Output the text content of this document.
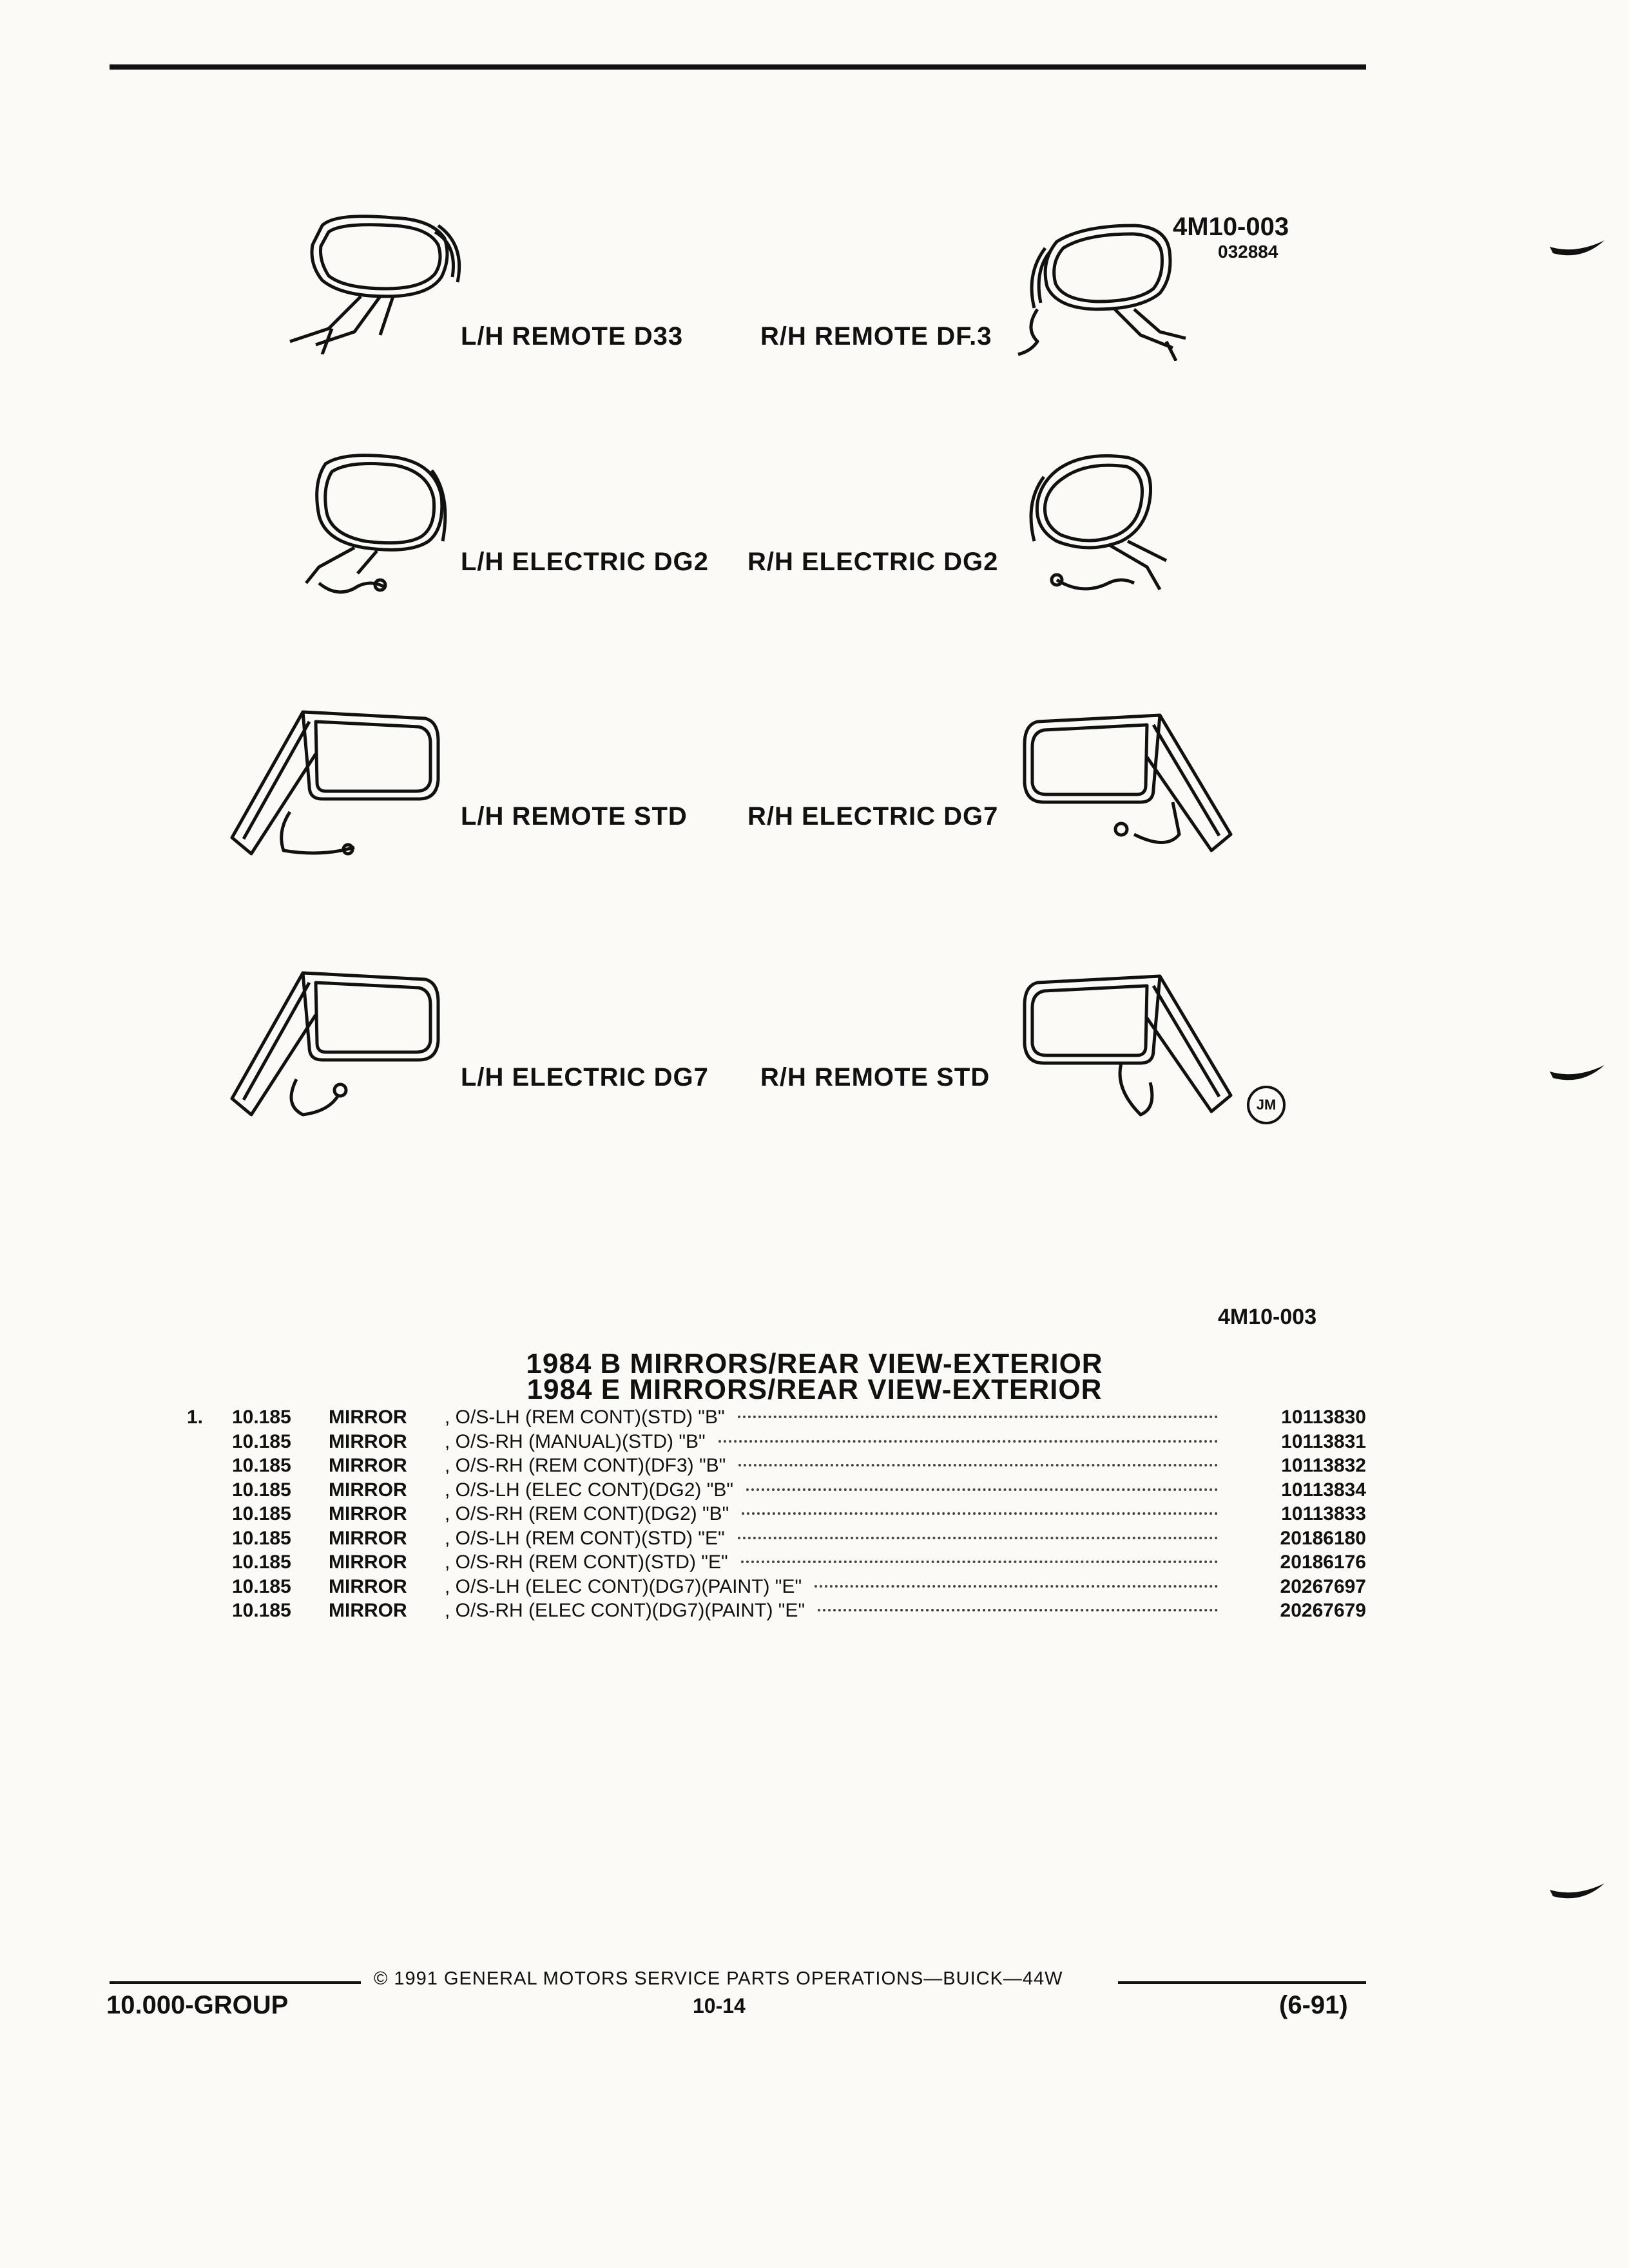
4M10-003
032884
L/H REMOTE D33	R/H REMOTE DF.3
L/H ELECTRIC DG2 R/H ELECTRIC DG2
L/H REMOTE STD R/H ELECTRIC DG7
L/H ELECTRIC DG7 R/H REMOTE STD
JM
4M10-003
1984 B MIRRORS/REAR VIEW-EXTERIOR
1984 E MIRRORS/REAR VIEW-EXTERIOR
1. 10.185 MIRROR , O/S-LH (REM CONT)(STD) "B"	10113830
10.185 MIRROR , O/S-RH (MANUAL)(STD) "B"	10113831
10.185 MIRROR , O/S-RH (REM CONT)(DF3) "B"	10113832
10.185 MIRROR , O/S-LH (ELEC CONT)(DG2) "B"	10113834
10.185 MIRROR , O/S-RH (REM CONT)(DG2) "B"	10113833
10.185 MIRROR , O/S-LH (REM CONT)(STD) "E"	20186180
10.185 MIRROR , O/S-RH (REM CONT)(STD) "E"	20186176
10.185 MIRROR , O/S-LH (ELEC CONT)(DG7)(PAINT) "E"	20267697
10.185 MIRROR , O/S-RH (ELEC CONT)(DG7)(PAINT) "E"	20267679
© 1991 GENERAL MOTORS SERVICE PARTS OPERATIONS—BUICK—44W
10.000-GROUP	10-14	(6-91)
